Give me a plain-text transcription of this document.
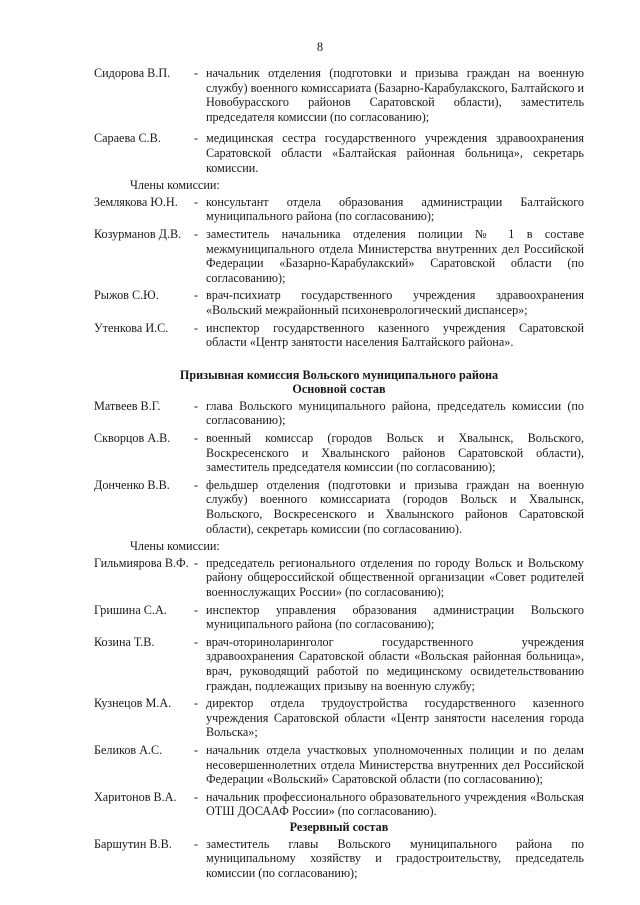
8
Сидорова В.П.	- начальник отделения (подготовки и призыва граждан на военную службу) военного комиссариата (Базарно-Карабулакского, Балтайского и Новобурасского районов Саратовской области), заместитель председателя комиссии (по согласованию);
Сараева С.В.	- медицинская сестра государственного учреждения здравоохранения Саратовской области «Балтайская районная больница», секретарь комиссии.
Члены комиссии:
Землякова Ю.Н.	- консультант отдела образования администрации Балтайского муниципального района (по согласованию);
Козурманов Д.В.	- заместитель начальника отделения полиции № 1 в составе межмуниципального отдела Министерства внутренних дел Российской Федерации «Базарно-Карабулакский» Саратовской области (по согласованию);
Рыжов С.Ю.	- врач-психиатр государственного учреждения здравоохранения «Вольский межрайонный психоневрологический диспансер»;
Утенкова И.С.	- инспектор государственного казенного учреждения Саратовской области «Центр занятости населения Балтайского района».
Призывная комиссия Вольского муниципального района
Основной состав
Матвеев В.Г.	- глава Вольского муниципального района, председатель комиссии (по согласованию);
Скворцов А.В.	- военный комиссар (городов Вольск и Хвалынск, Вольского, Воскресенского и Хвалынского районов Саратовской области), заместитель председателя комиссии (по согласованию);
Донченко В.В.	- фельдшер отделения (подготовки и призыва граждан на военную службу) военного комиссариата (городов Вольск и Хвалынск, Вольского, Воскресенского и Хвалынского районов Саратовской области), секретарь комиссии (по согласованию).
Члены комиссии:
Гильмиярова В.Ф. - председатель регионального отделения по городу Вольск и Вольскому району общероссийской общественной организации «Совет родителей военнослужащих России» (по согласованию);
Гришина С.А.	- инспектор управления образования администрации Вольского муниципального района (по согласованию);
Козина Т.В.	- врач-оториноларинголог государственного учреждения здравоохранения Саратовской области «Вольская районная больница», врач, руководящий работой по медицинскому освидетельствованию граждан, подлежащих призыву на военную службу;
Кузнецов М.А.	- директор отдела трудоустройства государственного казенного учреждения Саратовской области «Центр занятости населения города Вольска»;
Беликов А.С.	- начальник отдела участковых уполномоченных полиции и по делам несовершеннолетних отдела Министерства внутренних дел Российской Федерации «Вольский» Саратовской области (по согласованию);
Харитонов В.А.	- начальник профессионального образовательного учреждения «Вольская ОТШ ДОСААФ России» (по согласованию).
Резервный состав
Баршутин В.В.	- заместитель главы Вольского муниципального района по муниципальному хозяйству и градостроительству, председатель комиссии (по согласованию);
